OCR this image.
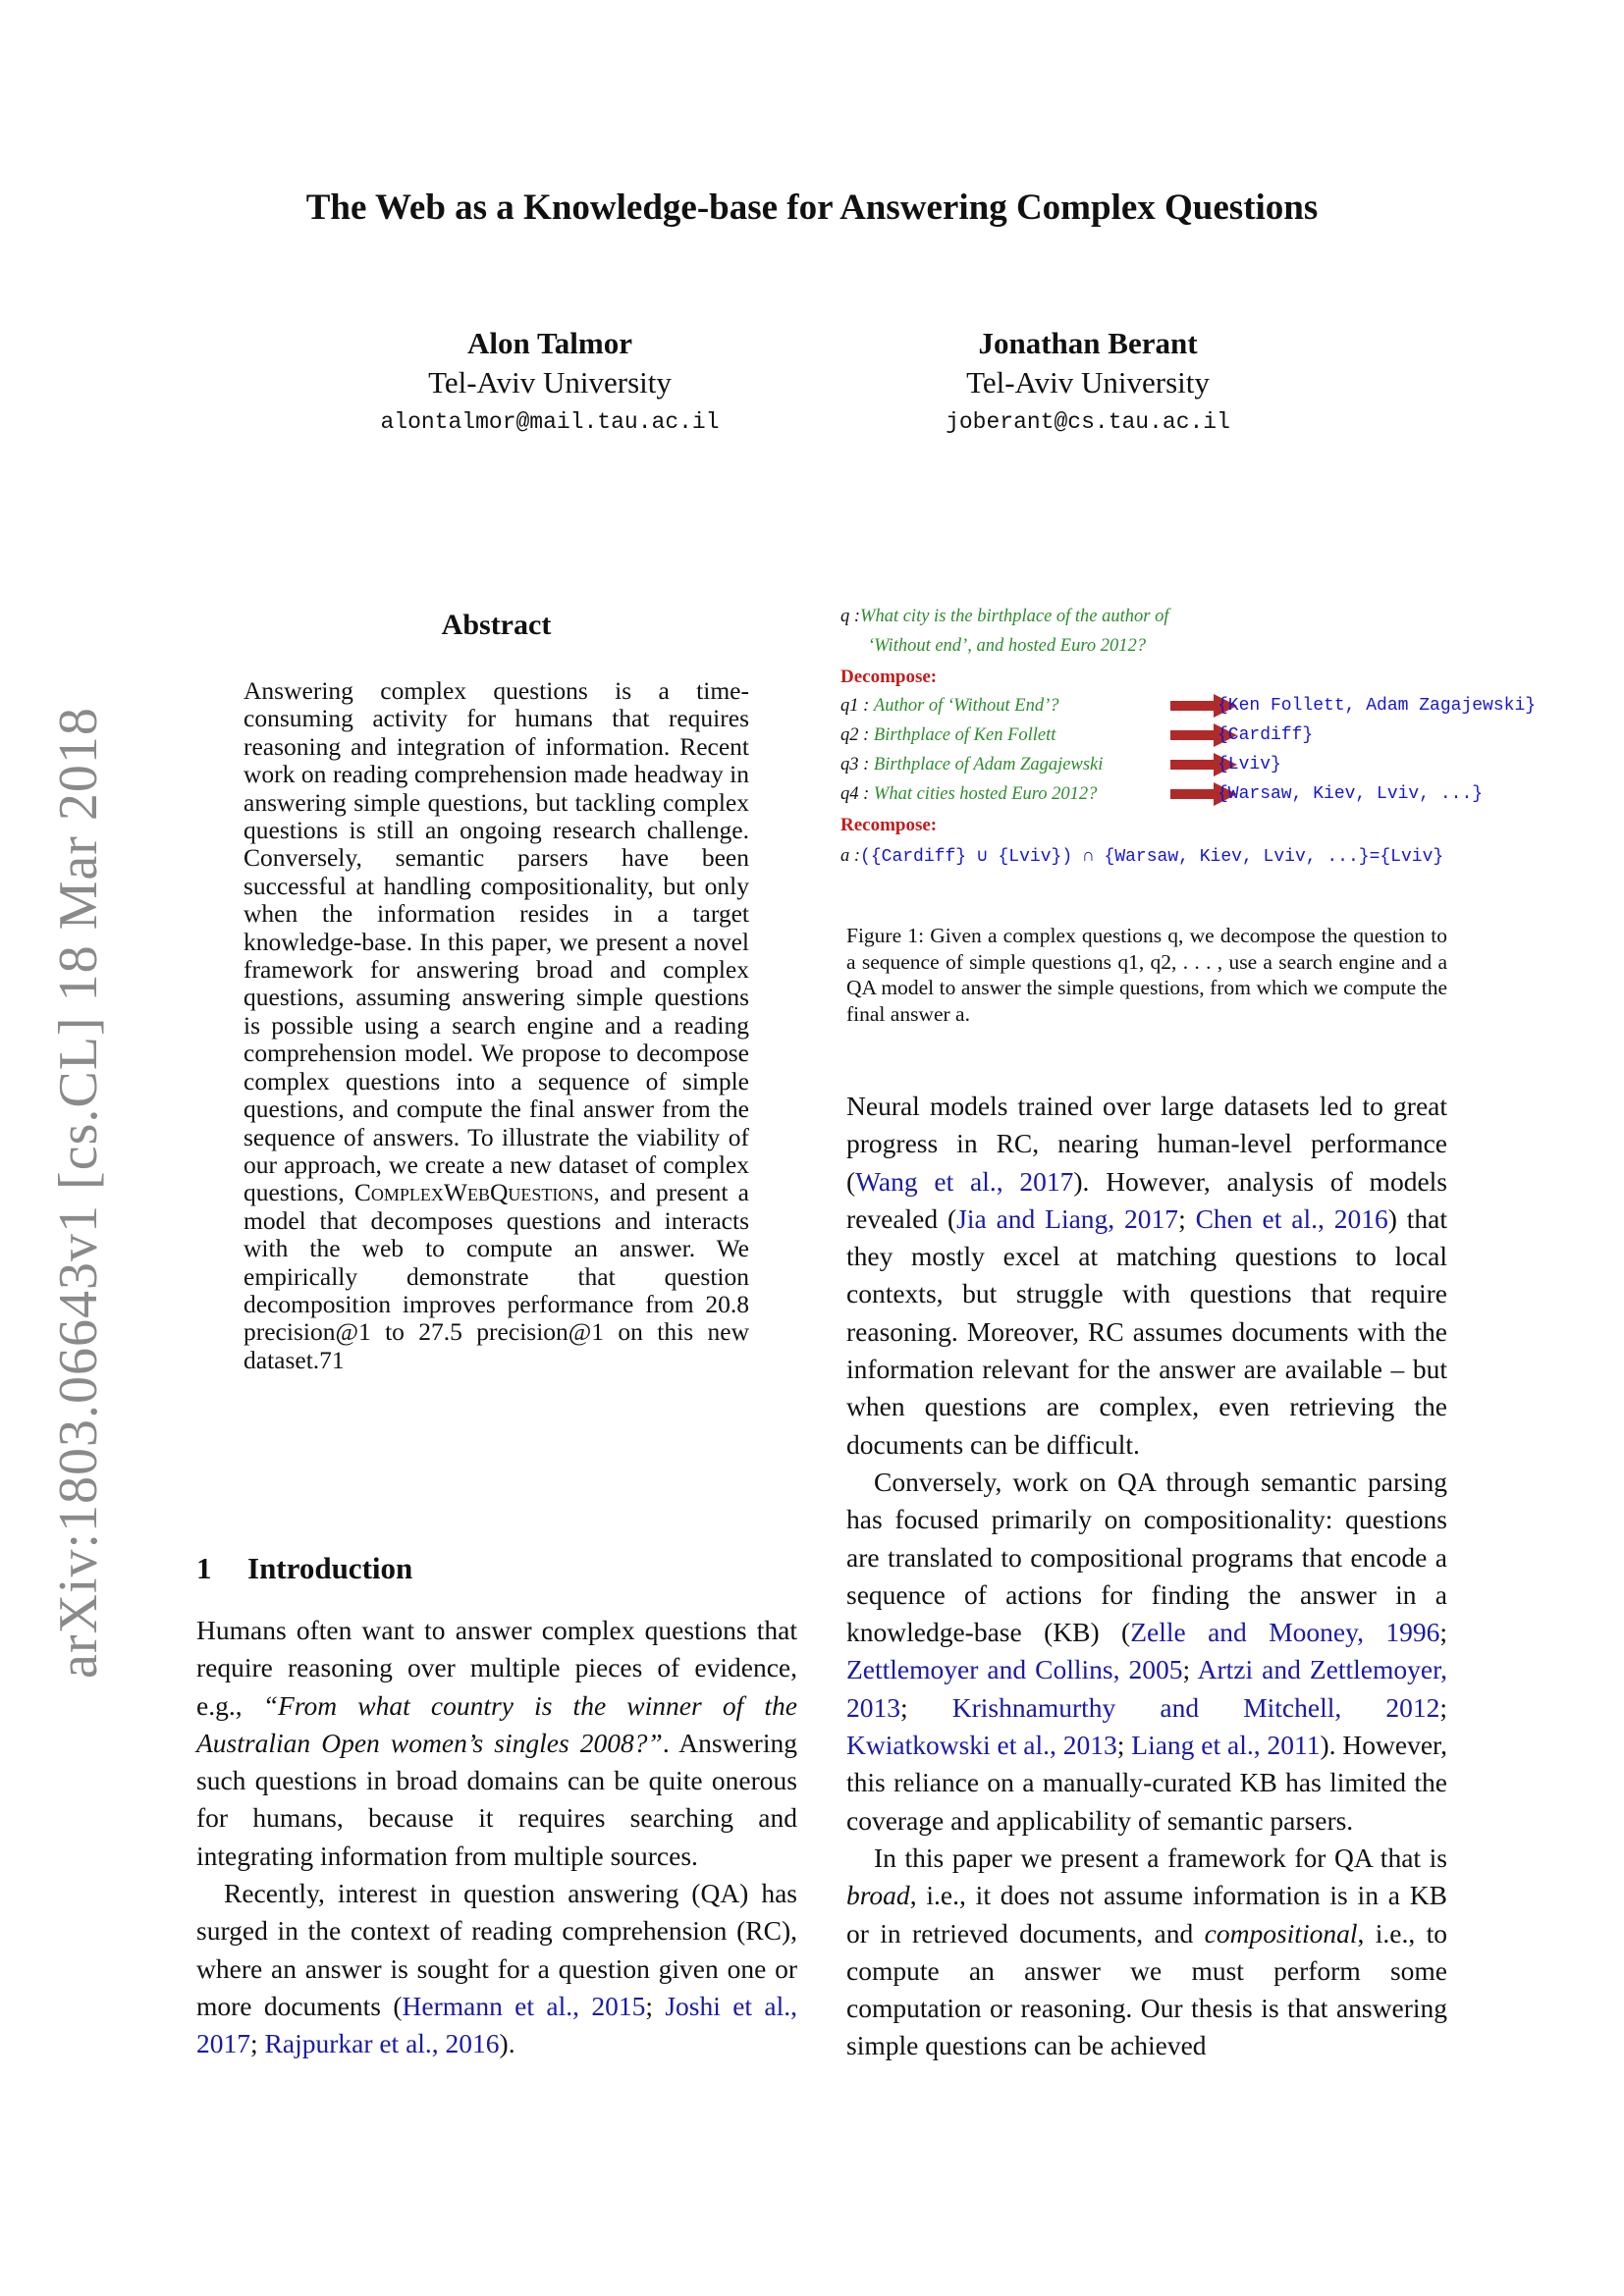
The Web as a Knowledge-base for Answering Complex Questions
Alon Talmor
Tel-Aviv University
alontalmor@mail.tau.ac.il
Jonathan Berant
Tel-Aviv University
joberant@cs.tau.ac.il
arXiv:1803.06643v1 [cs.CL] 18 Mar 2018
Abstract
Answering complex questions is a time-consuming activity for humans that requires reasoning and integration of information. Recent work on reading comprehension made headway in answering simple questions, but tackling complex questions is still an ongoing research challenge. Conversely, semantic parsers have been successful at handling compositionality, but only when the information resides in a target knowledge-base. In this paper, we present a novel framework for answering broad and complex questions, assuming answering simple questions is possible using a search engine and a reading comprehension model. We propose to decompose complex questions into a sequence of simple questions, and compute the final answer from the sequence of answers. To illustrate the viability of our approach, we create a new dataset of complex questions, ComplexWebQuestions, and present a model that decomposes questions and interacts with the web to compute an answer. We empirically demonstrate that question decomposition improves performance from 20.8 precision@1 to 27.5 precision@1 on this new dataset.71
1 Introduction

Humans often want to answer complex questions that require reasoning over multiple pieces of evidence, e.g., “From what country is the winner of the Australian Open women’s singles 2008?”. Answering such questions in broad domains can be quite onerous for humans, because it requires searching and integrating information from multiple sources.

Recently, interest in question answering (QA) has surged in the context of reading comprehension (RC), where an answer is sought for a question given one or more documents (Hermann et al., 2015; Joshi et al., 2017; Rajpurkar et al., 2016).

q :What city is the birthplace of the author of
‘Without end’, and hosted Euro 2012?
Decompose:
q1 : Author of ‘Without End’?	{Ken Follett, Adam Zagajewski}
q2 : Birthplace of Ken Follett	{Cardiff}
q3 : Birthplace of Adam Zagajewski	{Lviv}
q4 : What cities hosted Euro 2012?	{Warsaw, Kiev, Lviv, ...}
Recompose:
a :({Cardiff} ∪ {Lviv}) ∩ {Warsaw, Kiev, Lviv, ...}={Lviv}
Figure 1: Given a complex questions q, we decompose the question to a sequence of simple questions q1, q2, . . . , use a search engine and a QA model to answer the simple questions, from which we compute the final answer a.

Neural models trained over large datasets led to great progress in RC, nearing human-level performance (Wang et al., 2017). However, analysis of models revealed (Jia and Liang, 2017; Chen et al., 2016) that they mostly excel at matching questions to local contexts, but struggle with questions that require reasoning. Moreover, RC assumes documents with the information relevant for the answer are available – but when questions are complex, even retrieving the documents can be difficult.

Conversely, work on QA through semantic parsing has focused primarily on compositionality: questions are translated to compositional programs that encode a sequence of actions for finding the answer in a knowledge-base (KB) (Zelle and Mooney, 1996; Zettlemoyer and Collins, 2005; Artzi and Zettlemoyer, 2013; Krishnamurthy and Mitchell, 2012; Kwiatkowski et al., 2013; Liang et al., 2011). However, this reliance on a manually-curated KB has limited the coverage and applicability of semantic parsers.

In this paper we present a framework for QA that is broad, i.e., it does not assume information is in a KB or in retrieved documents, and compositional, i.e., to compute an answer we must perform some computation or reasoning. Our thesis is that answering simple questions can be achieved
